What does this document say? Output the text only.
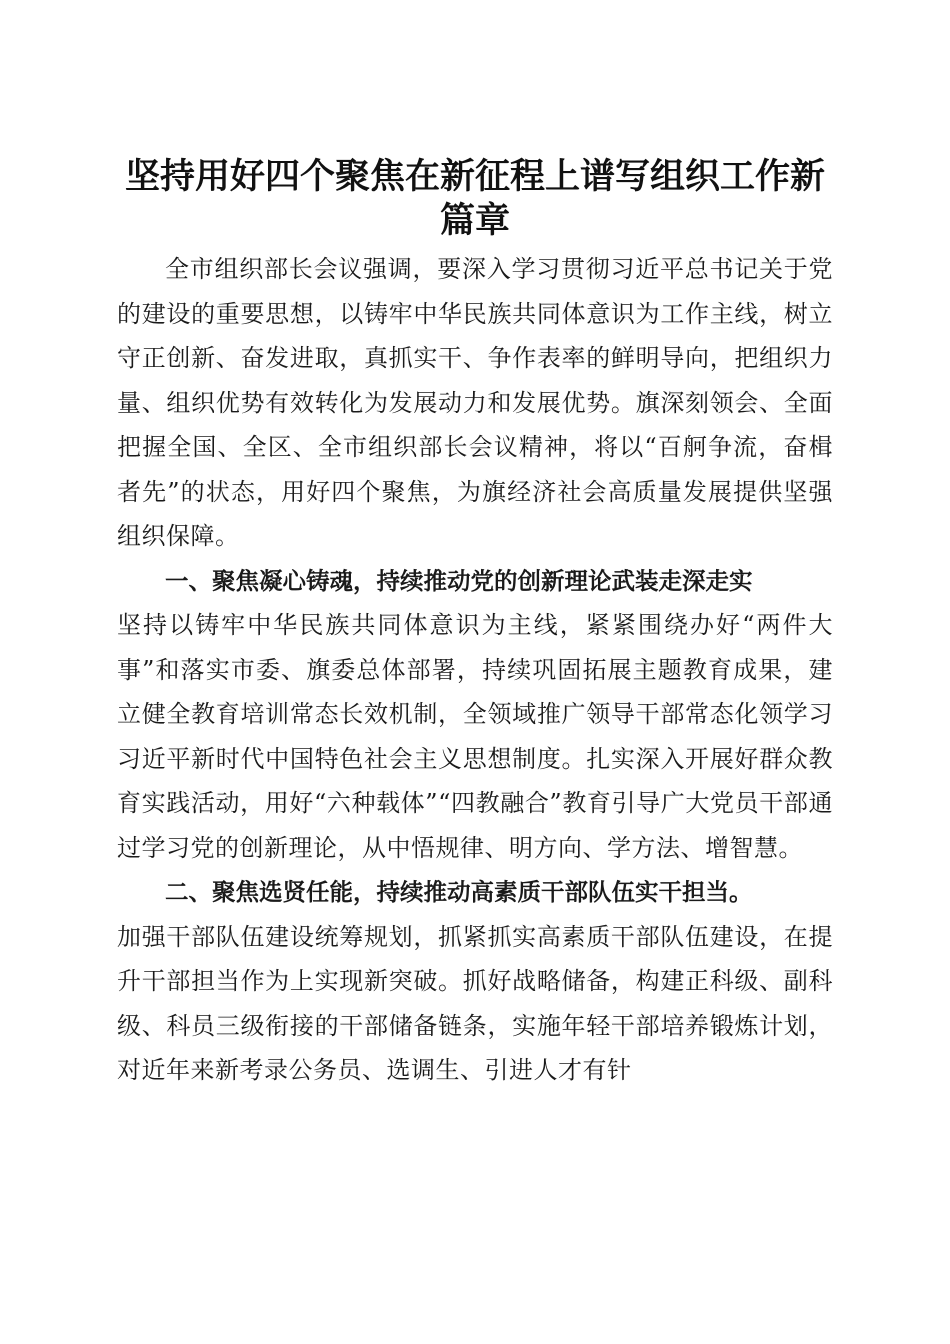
坚持用好四个聚焦在新征程上谱写组织工作新篇章

全市组织部长会议强调，要深入学习贯彻习近平总书记关于党的建设的重要思想，以铸牢中华民族共同体意识为工作主线，树立守正创新、奋发进取，真抓实干、争作表率的鲜明导向，把组织力量、组织优势有效转化为发展动力和发展优势。旗深刻领会、全面把握全国、全区、全市组织部长会议精神，将以“百舸争流，奋楫者先”的状态，用好四个聚焦，为旗经济社会高质量发展提供坚强组织保障。

一、聚焦凝心铸魂，持续推动党的创新理论武装走深走实

坚持以铸牢中华民族共同体意识为主线，紧紧围绕办好“两件大事”和落实市委、旗委总体部署，持续巩固拓展主题教育成果，建立健全教育培训常态长效机制，全领域推广领导干部常态化领学习习近平新时代中国特色社会主义思想制度。扎实深入开展好群众教育实践活动，用好“六种载体”“四教融合”教育引导广大党员干部通过学习党的创新理论，从中悟规律、明方向、学方法、增智慧。

二、聚焦选贤任能，持续推动高素质干部队伍实干担当。

加强干部队伍建设统筹规划，抓紧抓实高素质干部队伍建设，在提升干部担当作为上实现新突破。抓好战略储备，构建正科级、副科级、科员三级衔接的干部储备链条，实施年轻干部培养锻炼计划，对近年来新考录公务员、选调生、引进人才有针
